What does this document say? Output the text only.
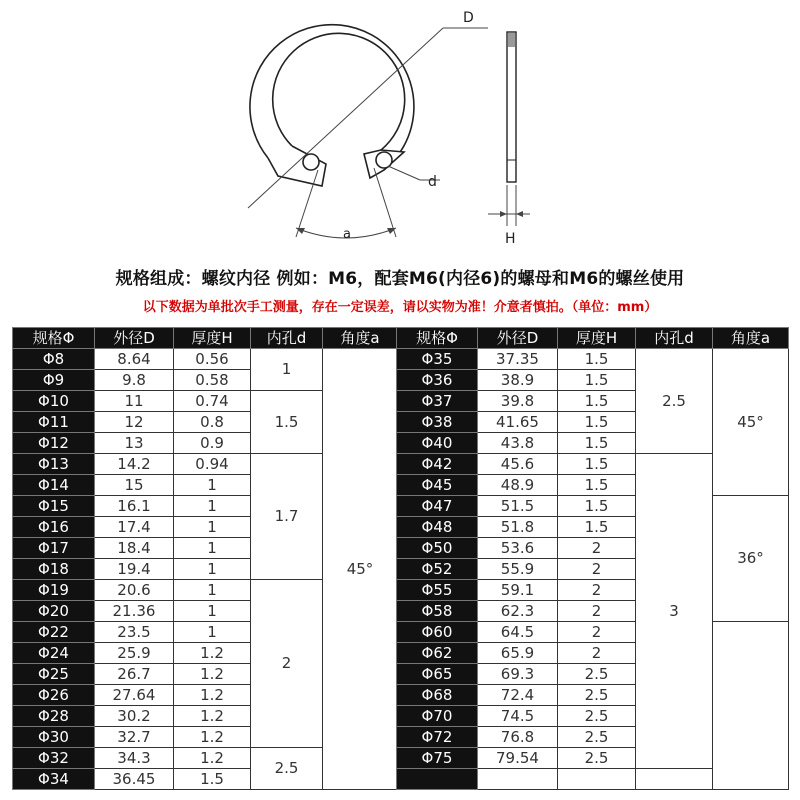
D
d
a	H
规格组成：螺纹内径 例如：M6，配套M6(内径6)的螺母和M6的螺丝使用
以下数据为单批次手工测量，存在一定误差，请以实物为准！介意者慎拍。（单位：mm）
规格Φ	外径D	厚度H	内孔d	角度a
Φ8	8.64	0.56	1	45°
Φ9	9.8	0.58		
Φ10	11	0.74	1.5	
Φ11	12	0.8		
Φ12	13	0.9		
Φ13	14.2	0.94	1.7	
Φ14	15	1		
Φ15	16.1	1		
Φ16	17.4	1		
Φ17	18.4	1		
Φ18	19.4	1		
Φ19	20.6	1	2	
Φ20	21.36	1		
Φ22	23.5	1		
Φ24	25.9	1.2		
Φ25	26.7	1.2		
Φ26	27.64	1.2		
Φ28	30.2	1.2		
Φ30	32.7	1.2		
Φ32	34.3	1.2	2.5	
Φ34	36.45	1.5		
规格Φ	外径D	厚度H	内孔d	角度a
Φ35	37.35	1.5	2.5	45°
Φ36	38.9	1.5		
Φ37	39.8	1.5		
Φ38	41.65	1.5		
Φ40	43.8	1.5		
Φ42	45.6	1.5	3	
Φ45	48.9	1.5		
Φ47	51.5	1.5		36°
Φ48	51.8	1.5		
Φ50	53.6	2		
Φ52	55.9	2		
Φ55	59.1	2		
Φ58	62.3	2		
Φ60	64.5	2		
Φ62	65.9	2		
Φ65	69.3	2.5		
Φ68	72.4	2.5		
Φ70	74.5	2.5		
Φ72	76.8	2.5		
Φ75	79.54	2.5		
